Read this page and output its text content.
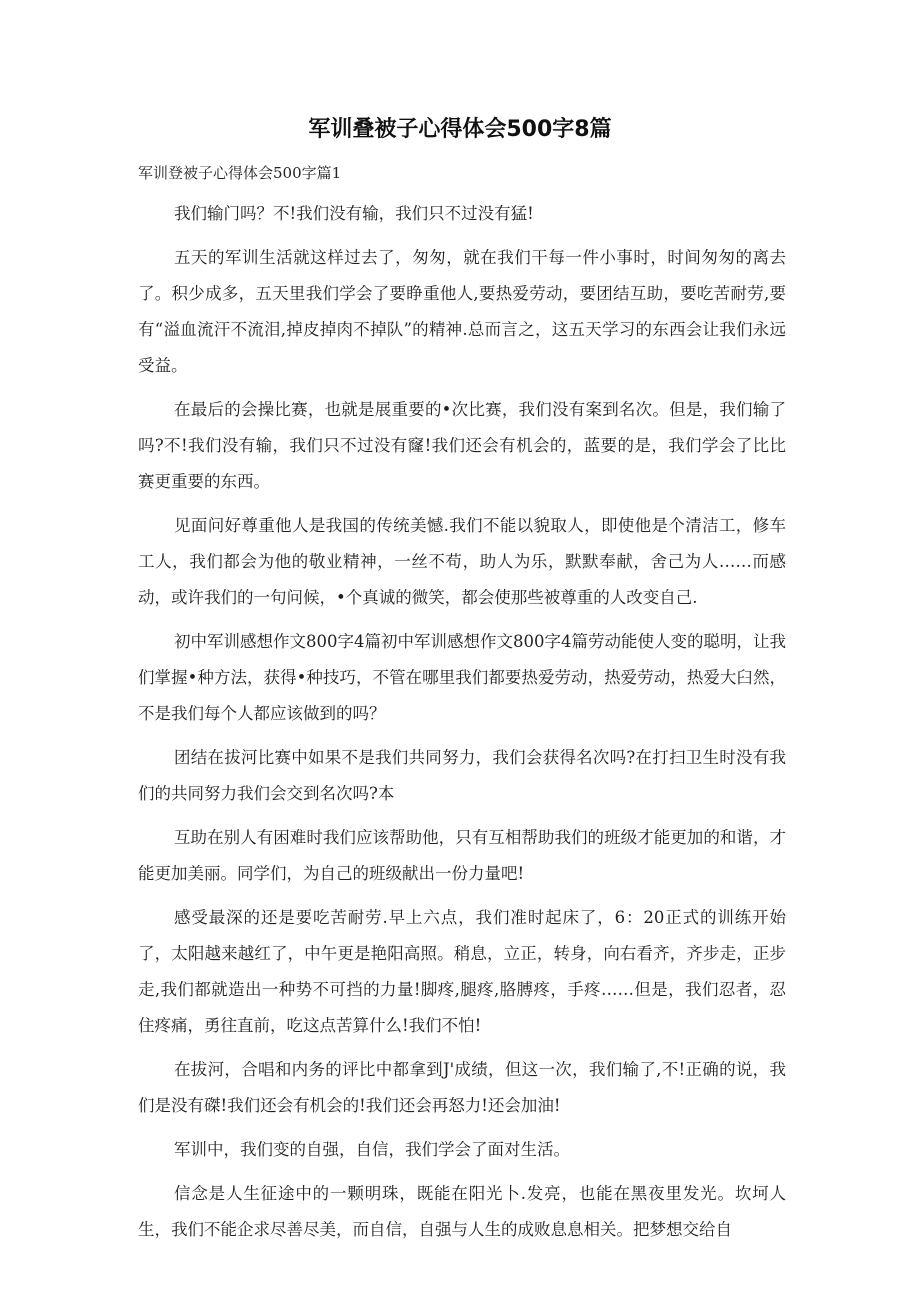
军训叠被子心得体会500字8篇

军训登被子心得体会500字篇1

我们输门吗？不!我们没有输，我们只不过没有猛!

五天的军训生活就这样过去了，匆匆，就在我们干每一件小事时，时间匆匆的离去了。积少成多，五天里我们学会了要睁重他人,要热爱劳动，要团结互助，要吃苦耐劳,要有“溢血流汗不流泪,掉皮掉肉不掉队”的精神.总而言之，这五天学习的东西会让我们永远受益。

在最后的会操比赛，也就是展重要的•次比赛，我们没有案到名次。但是，我们输了吗?不!我们没有输，我们只不过没有窿!我们还会有机会的，蓝要的是，我们学会了比比赛更重要的东西。

见面问好尊重他人是我国的传统美憾.我们不能以貌取人，即使他是个清洁工，修车工人，我们都会为他的敬业精神，一丝不苟，助人为乐，默默奉献，舍己为人……而感动，或许我们的一句问候，•个真诚的微笑，都会使那些被尊重的人改变自己.

初中军训感想作文800字4篇初中军训感想作文800字4篇劳动能使人变的聪明，让我们掌握•种方法，获得•种技巧，不管在哪里我们都要热爱劳动，热爱劳动，热爱大臼然，不是我们每个人都应该做到的吗？

团结在拔河比赛中如果不是我们共同努力，我们会获得名次吗?在打扫卫生时没有我们的共同努力我们会交到名次吗?本

互助在别人有困难时我们应该帮助他，只有互相帮助我们的班级才能更加的和谐，才能更加美丽。同学们，为自己的班级献出一份力量吧!

感受最深的还是要吃苦耐劳.早上六点，我们准时起床了，6：20正式的训练开始了，太阳越来越红了，中午更是艳阳高照。稍息，立正，转身，向右看齐，齐步走，正步走,我们都就造出一种势不可挡的力量!脚疼,腿疼,胳膊疼，手疼……但是，我们忍者，忍住疼痛，勇往直前，吃这点苦算什么!我们不怕!

在拔河，合唱和内务的评比中都拿到J'成绩，但这一次，我们输了,不!正确的说，我们是没有磔!我们还会有机会的!我们还会再怒力!还会加油!

军训中，我们变的自强，自信，我们学会了面对生活。

信念是人生征途中的一颗明珠，既能在阳光卜.发亮，也能在黑夜里发光。坎坷人生，我们不能企求尽善尽美，而自信，自强与人生的成败息息相关。把梦想交给自
